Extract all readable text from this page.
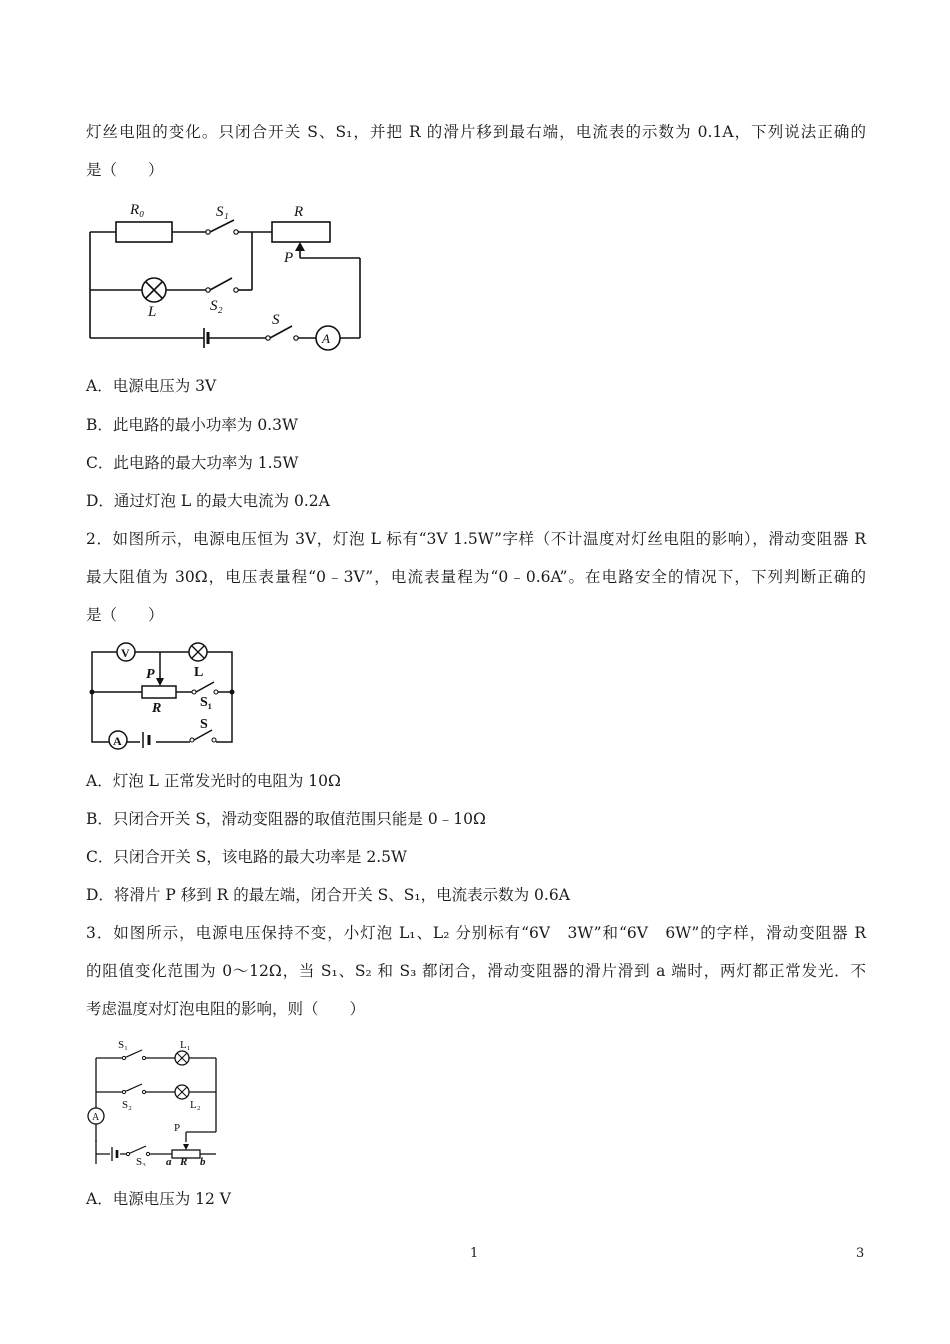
灯丝电阻的变化。只闭合开关 S、S₁，并把 R 的滑片移到最右端，电流表的示数为 0.1A，下列说法正确的
是（　　）
R₀	S₁	R
P
L	S₂
S
A
A．电源电压为 3V
B．此电路的最小功率为 0.3W
C．此电路的最大功率为 1.5W
D．通过灯泡 L 的最大电流为 0.2A
2．如图所示，电源电压恒为 3V，灯泡 L 标有“3V 1.5W”字样（不计温度对灯丝电阻的影响），滑动变阻器 R
最大阻值为 30Ω，电压表量程“0﹣3V”，电流表量程为“0﹣0.6A”。在电路安全的情况下，下列判断正确的
是（　　）
V
L
P
R	S₁
S
A
A．灯泡 L 正常发光时的电阻为 10Ω
B．只闭合开关 S，滑动变阻器的取值范围只能是 0﹣10Ω
C．只闭合开关 S，该电路的最大功率是 2.5W
D．将滑片 P 移到 R 的最左端，闭合开关 S、S₁，电流表示数为 0.6A
3．如图所示，电源电压保持不变，小灯泡 L₁、L₂ 分别标有“6V　3W”和“6V　6W”的字样，滑动变阻器 R
的阻值变化范围为 0～12Ω，当 S₁、S₂ 和 S₃ 都闭合，滑动变阻器的滑片滑到 a 端时，两灯都正常发光．不
考虑温度对灯泡电阻的影响，则（　　）
S₁	L₁
S₂	L₂
A
P
S₃ a R b
A．电源电压为 12 V
1	3
